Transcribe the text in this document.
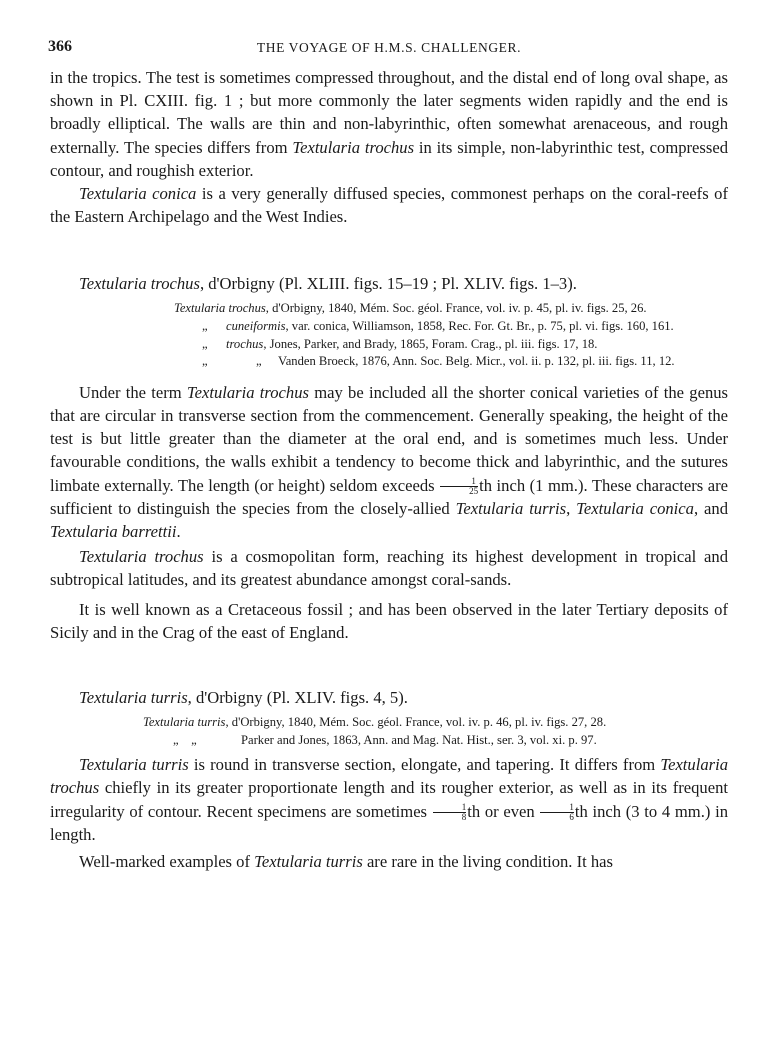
366	THE VOYAGE OF H.M.S. CHALLENGER.

in the tropics. The test is sometimes compressed throughout, and the distal end of long oval shape, as shown in Pl. CXIII. fig. 1 ; but more commonly the later segments widen rapidly and the end is broadly elliptical. The walls are thin and non-labyrinthic, often somewhat arenaceous, and rough externally. The species differs from Textularia trochus in its simple, non-labyrinthic test, compressed contour, and roughish exterior.

Textularia conica is a very generally diffused species, commonest perhaps on the coral-reefs of the Eastern Archipelago and the West Indies.

Textularia trochus, d'Orbigny (Pl. XLIII. figs. 15–19 ; Pl. XLIV. figs. 1–3).

Textularia trochus, d'Orbigny, 1840, Mém. Soc. géol. France, vol. iv. p. 45, pl. iv. figs. 25, 26.
„ cuneiformis, var. conica, Williamson, 1858, Rec. For. Gt. Br., p. 75, pl. vi. figs. 160, 161.
„ trochus, Jones, Parker, and Brady, 1865, Foram. Crag., pl. iii. figs. 17, 18.
„	„ Vanden Broeck, 1876, Ann. Soc. Belg. Micr., vol. ii. p. 132, pl. iii. figs. 11, 12.

Under the term Textularia trochus may be included all the shorter conical varieties of the genus that are circular in transverse section from the commencement. Generally speaking, the height of the test is but little greater than the diameter at the oral end, and is sometimes much less. Under favourable conditions, the walls exhibit a tendency to become thick and labyrinthic, and the sutures limbate externally. The length (or height) seldom exceeds $\frac{1}{25}$ th inch (1 mm.). These characters are sufficient to distinguish the species from the closely-allied Textularia turris, Textularia conica, and Textularia barrettii.

Textularia trochus is a cosmopolitan form, reaching its highest development in tropical and subtropical latitudes, and its greatest abundance amongst coral-sands.

It is well known as a Cretaceous fossil ; and has been observed in the later Tertiary deposits of Sicily and in the Crag of the east of England.

Textularia turris, d'Orbigny (Pl. XLIV. figs. 4, 5).

Textularia turris, d'Orbigny, 1840, Mém. Soc. géol. France, vol. iv. p. 46, pl. iv. figs. 27, 28.
„    „	Parker and Jones, 1863, Ann. and Mag. Nat. Hist., ser. 3, vol. xi. p. 97.

Textularia turris is round in transverse section, elongate, and tapering. It differs from Textularia trochus chiefly in its greater proportionate length and its rougher exterior, as well as in its frequent irregularity of contour. Recent specimens are sometimes $\frac{1}{8}$ th or even $\frac{1}{6}$ th inch (3 to 4 mm.) in length.

Well-marked examples of Textularia turris are rare in the living condition. It has
